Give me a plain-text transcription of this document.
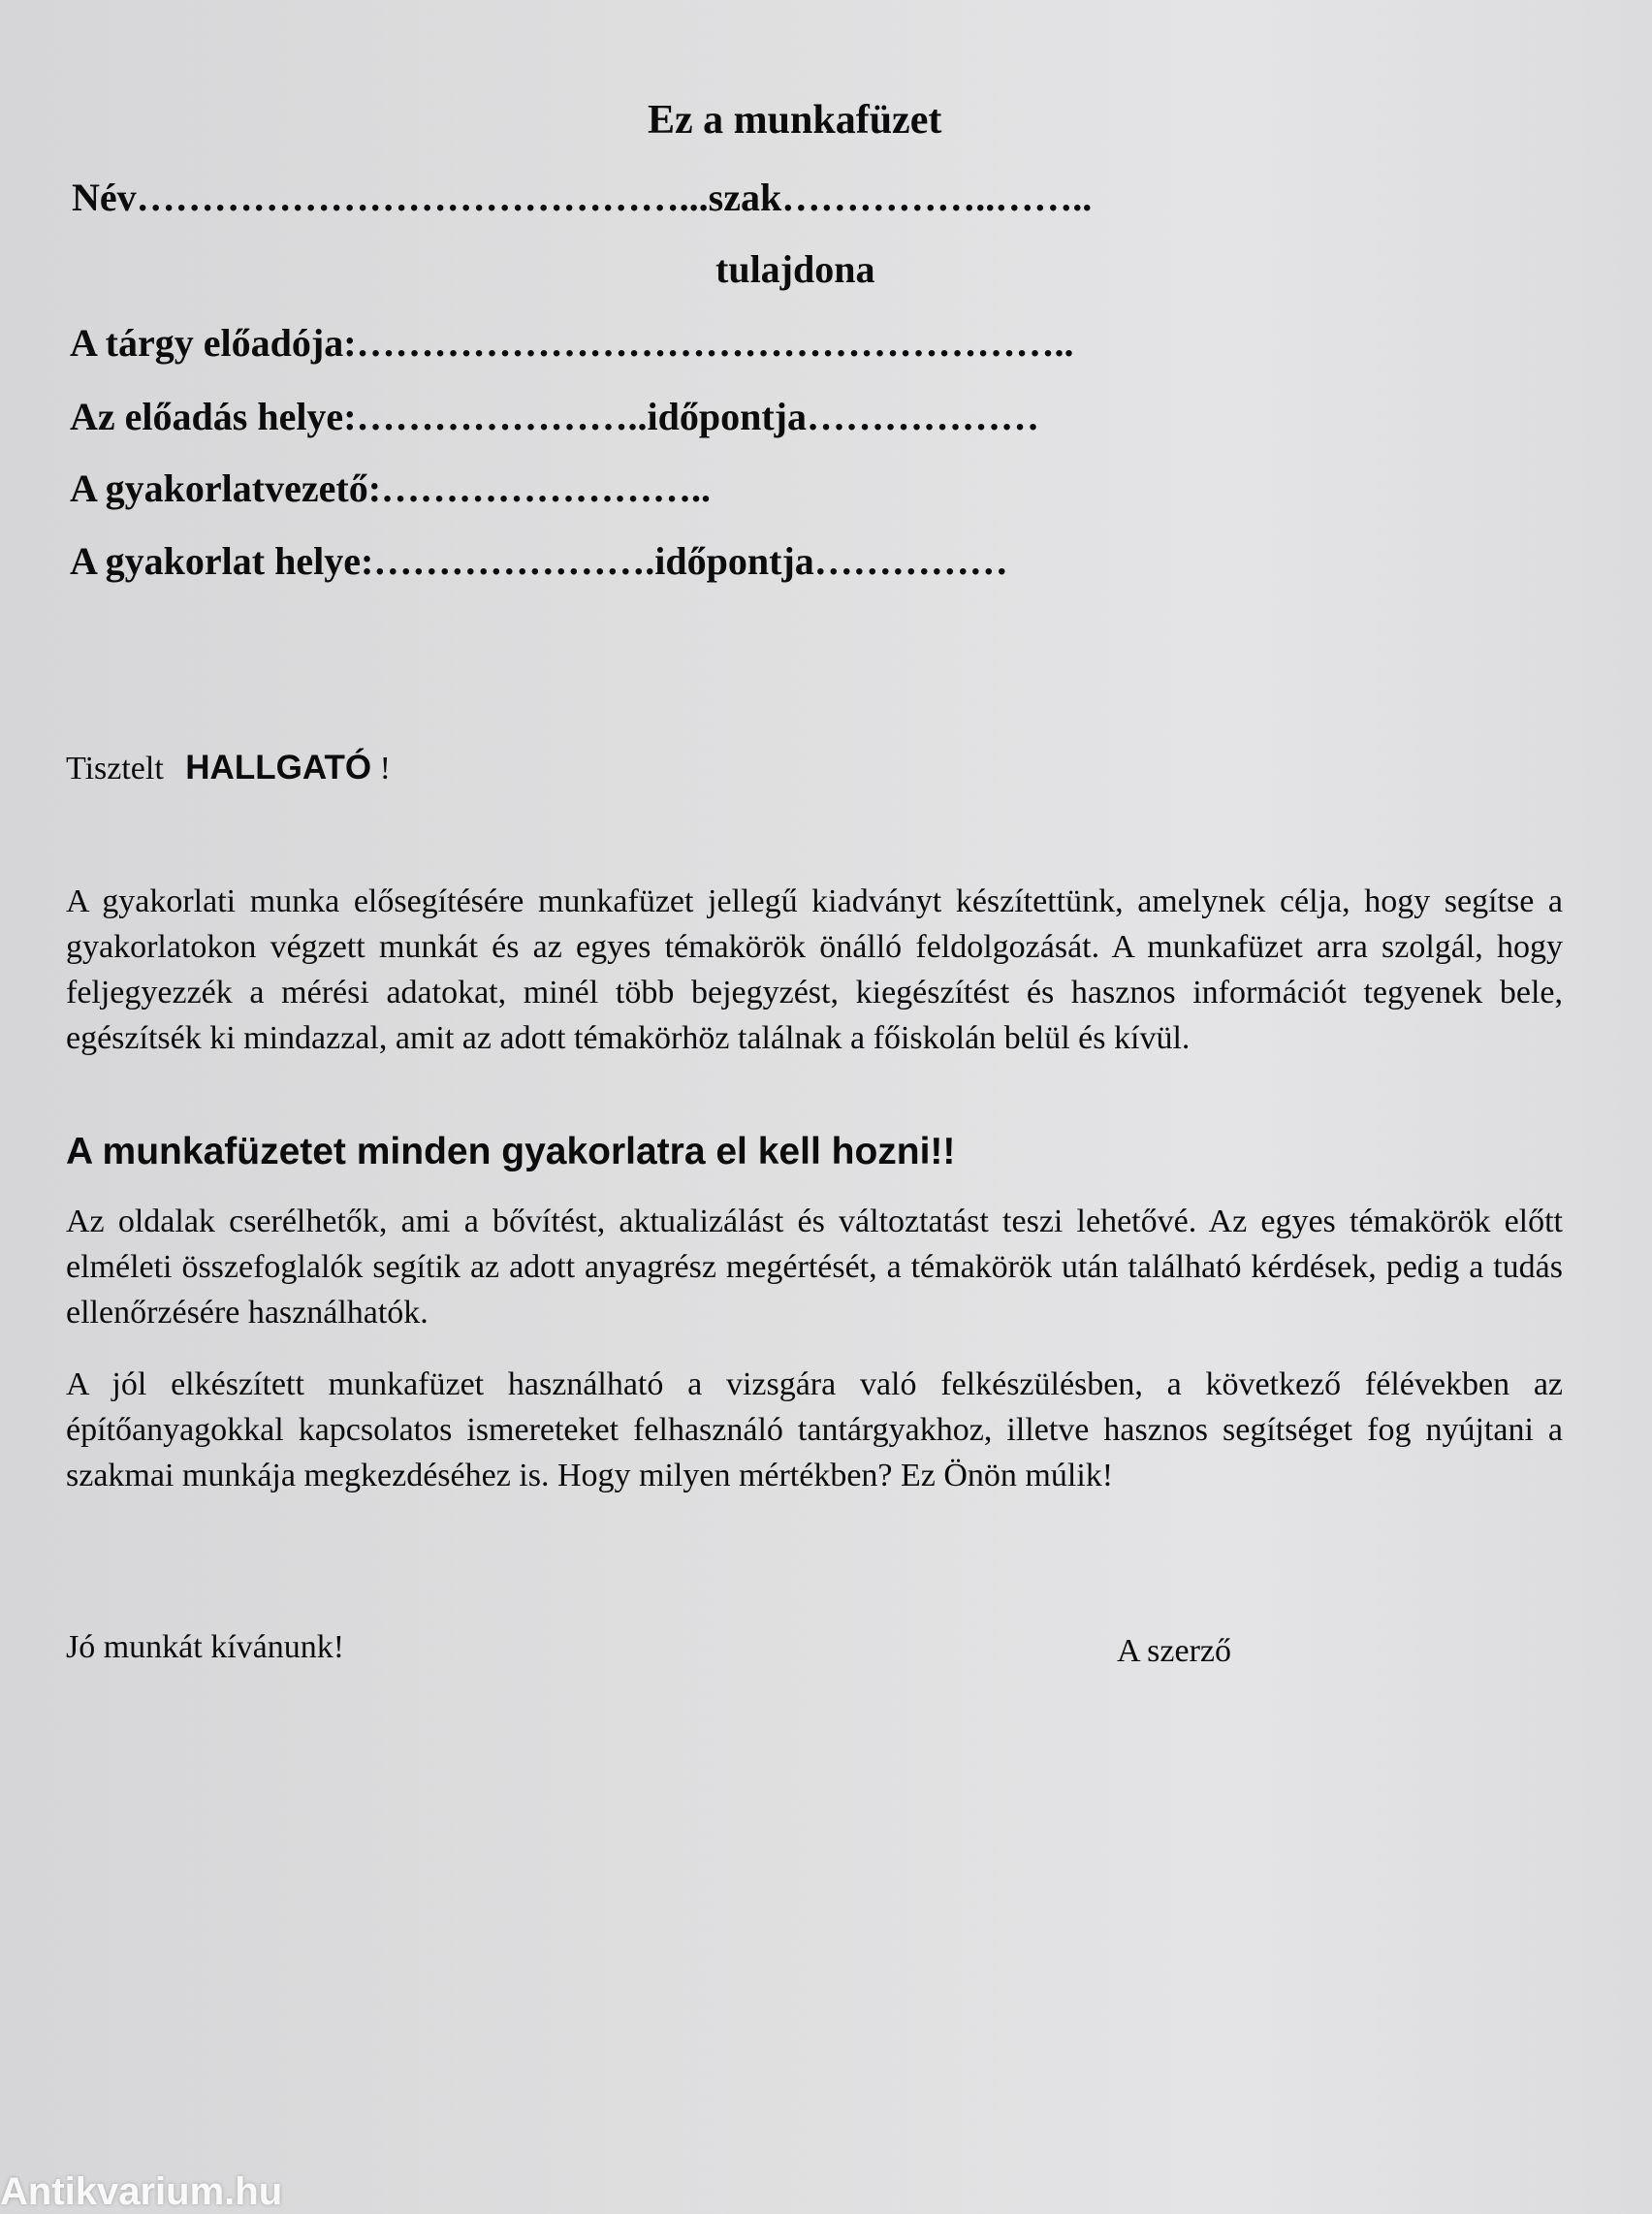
Ez a munkafüzet
Név……………………………………...szak……………..……..
tulajdona
A tárgy előadója:………………………………………………..
Az előadás helye:…………………..időpontja………………
A gyakorlatvezető:……………………..
A gyakorlat helye:………………….időpontja……………
Tisztelt HALLGATÓ !

A gyakorlati munka elősegítésére munkafüzet jellegű kiadványt készítettünk, amelynek célja, hogy segítse a gyakorlatokon végzett munkát és az egyes témakörök önálló feldolgozását. A munkafüzet arra szolgál, hogy feljegyezzék a mérési adatokat, minél több bejegyzést, kiegészítést és hasznos információt tegyenek bele, egészítsék ki mindazzal, amit az adott témakörhöz találnak a főiskolán belül és kívül.

A munkafüzetet minden gyakorlatra el kell hozni!!

Az oldalak cserélhetők, ami a bővítést, aktualizálást és változtatást teszi lehetővé. Az egyes témakörök előtt elméleti összefoglalók segítik az adott anyagrész megértését, a témakörök után található kérdések, pedig a tudás ellenőrzésére használhatók.

A jól elkészített munkafüzet használható a vizsgára való felkészülésben, a következő félévekben az építőanyagokkal kapcsolatos ismereteket felhasználó tantárgyakhoz, illetve hasznos segítséget fog nyújtani a szakmai munkája megkezdéséhez is. Hogy milyen mértékben? Ez Önön múlik!

Jó munkát kívánunk!	A szerző
Antikvarium.hu
